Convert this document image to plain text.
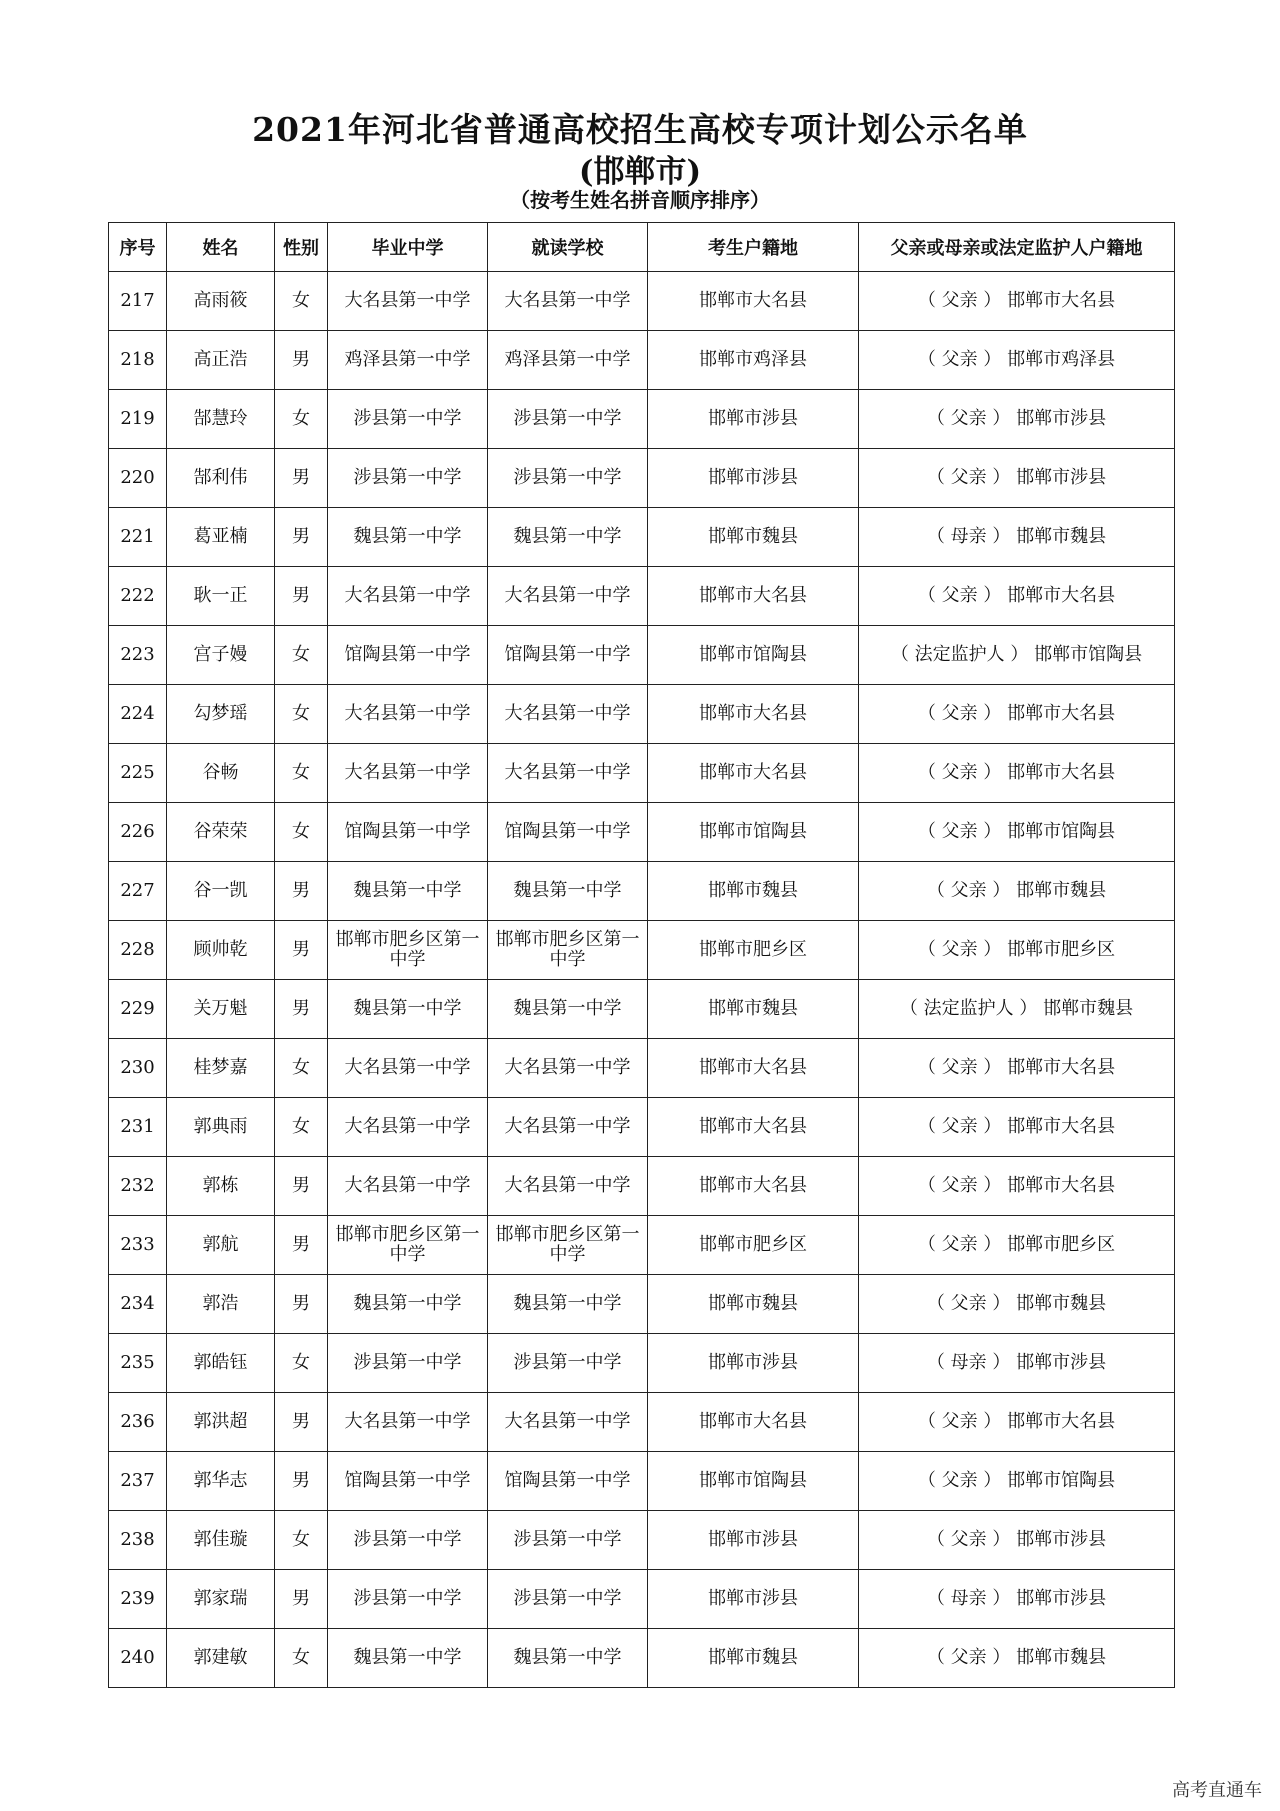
2021年河北省普通高校招生高校专项计划公示名单
(邯郸市)
（按考生姓名拼音顺序排序）
序号	姓名	性别	毕业中学	就读学校	考生户籍地	父亲或母亲或法定监护人户籍地
217	高雨筱	女	大名县第一中学	大名县第一中学	邯郸市大名县	（ 父亲 ） 邯郸市大名县
218	高正浩	男	鸡泽县第一中学	鸡泽县第一中学	邯郸市鸡泽县	（ 父亲 ） 邯郸市鸡泽县
219	郜慧玲	女	涉县第一中学	涉县第一中学	邯郸市涉县	（ 父亲 ） 邯郸市涉县
220	郜利伟	男	涉县第一中学	涉县第一中学	邯郸市涉县	（ 父亲 ） 邯郸市涉县
221	葛亚楠	男	魏县第一中学	魏县第一中学	邯郸市魏县	（ 母亲 ） 邯郸市魏县
222	耿一正	男	大名县第一中学	大名县第一中学	邯郸市大名县	（ 父亲 ） 邯郸市大名县
223	宫子嫚	女	馆陶县第一中学	馆陶县第一中学	邯郸市馆陶县	（ 法定监护人 ） 邯郸市馆陶县
224	勾梦瑶	女	大名县第一中学	大名县第一中学	邯郸市大名县	（ 父亲 ） 邯郸市大名县
225	谷畅	女	大名县第一中学	大名县第一中学	邯郸市大名县	（ 父亲 ） 邯郸市大名县
226	谷荣荣	女	馆陶县第一中学	馆陶县第一中学	邯郸市馆陶县	（ 父亲 ） 邯郸市馆陶县
227	谷一凯	男	魏县第一中学	魏县第一中学	邯郸市魏县	（ 父亲 ） 邯郸市魏县
228	顾帅乾	男	邯郸市肥乡区第一中学	邯郸市肥乡区第一中学	邯郸市肥乡区	（ 父亲 ） 邯郸市肥乡区
229	关万魁	男	魏县第一中学	魏县第一中学	邯郸市魏县	（ 法定监护人 ） 邯郸市魏县
230	桂梦嘉	女	大名县第一中学	大名县第一中学	邯郸市大名县	（ 父亲 ） 邯郸市大名县
231	郭典雨	女	大名县第一中学	大名县第一中学	邯郸市大名县	（ 父亲 ） 邯郸市大名县
232	郭栋	男	大名县第一中学	大名县第一中学	邯郸市大名县	（ 父亲 ） 邯郸市大名县
233	郭航	男	邯郸市肥乡区第一中学	邯郸市肥乡区第一中学	邯郸市肥乡区	（ 父亲 ） 邯郸市肥乡区
234	郭浩	男	魏县第一中学	魏县第一中学	邯郸市魏县	（ 父亲 ） 邯郸市魏县
235	郭皓钰	女	涉县第一中学	涉县第一中学	邯郸市涉县	（ 母亲 ） 邯郸市涉县
236	郭洪超	男	大名县第一中学	大名县第一中学	邯郸市大名县	（ 父亲 ） 邯郸市大名县
237	郭华志	男	馆陶县第一中学	馆陶县第一中学	邯郸市馆陶县	（ 父亲 ） 邯郸市馆陶县
238	郭佳璇	女	涉县第一中学	涉县第一中学	邯郸市涉县	（ 父亲 ） 邯郸市涉县
239	郭家瑞	男	涉县第一中学	涉县第一中学	邯郸市涉县	（ 母亲 ） 邯郸市涉县
240	郭建敏	女	魏县第一中学	魏县第一中学	邯郸市魏县	（ 父亲 ） 邯郸市魏县
高考直通车
